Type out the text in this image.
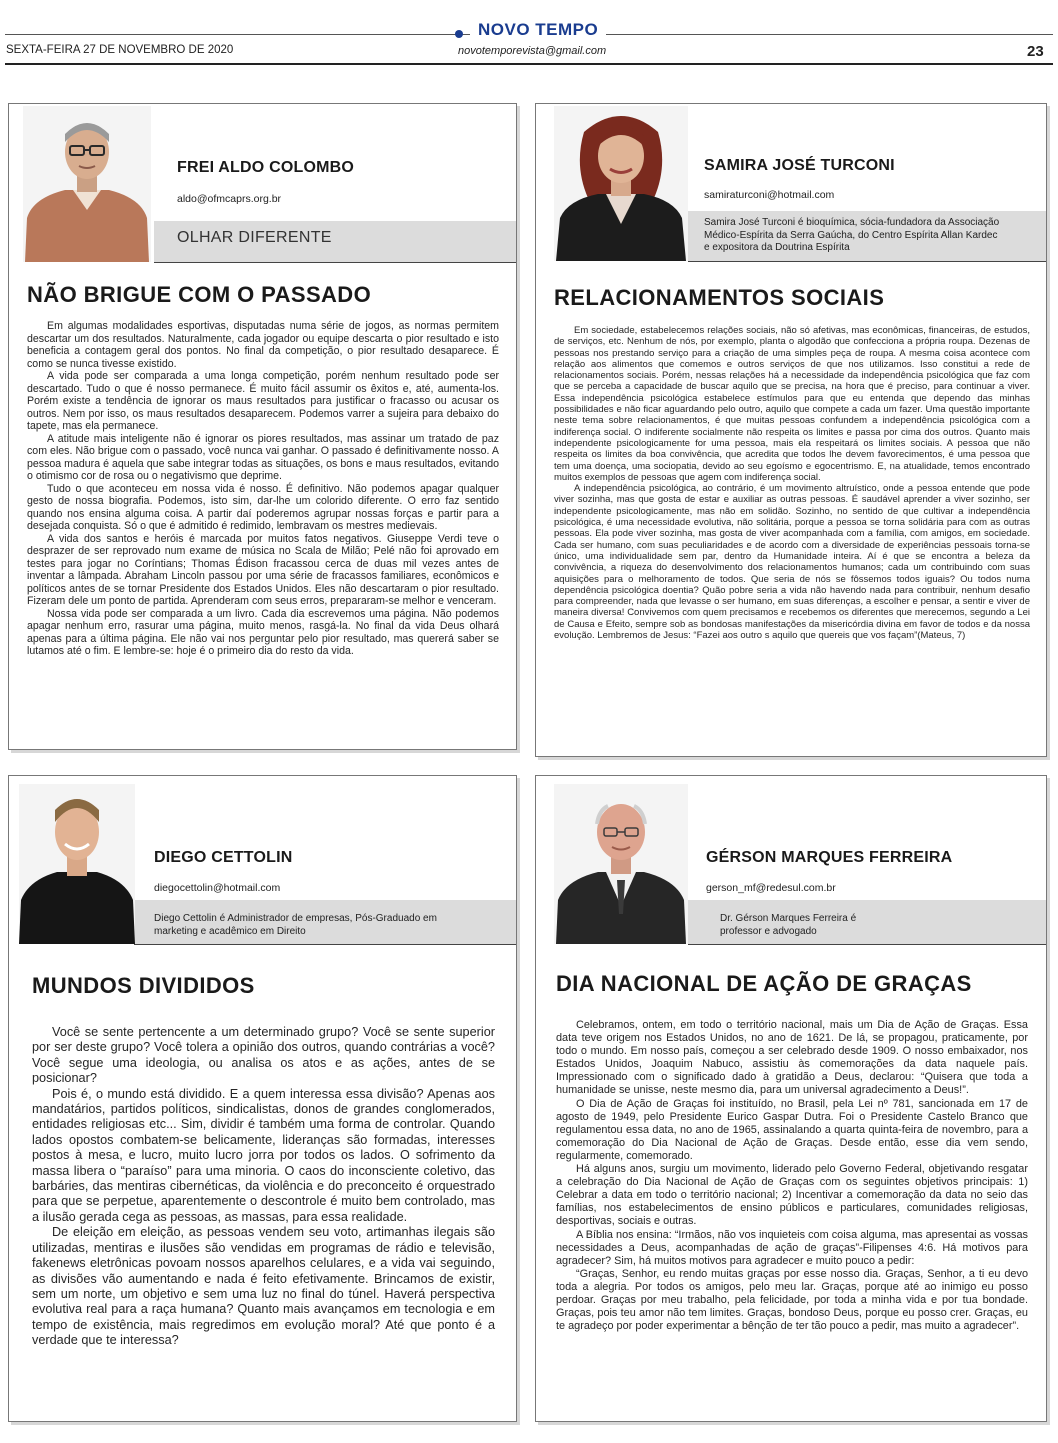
NOVO TEMPO
SEXTA-FEIRA 27 DE NOVEMBRO DE 2020	novotemporevista@gmail.com	23
FREI ALDO COLOMBO
aldo@ofmcaprs.org.br
OLHAR DIFERENTE
NÃO BRIGUE COM O PASSADO

Em algumas modalidades esportivas, disputadas numa série de jogos, as normas permitem descartar um dos resultados. Naturalmente, cada jogador ou equipe descarta o pior resultado e isto beneficia a contagem geral dos pontos. No final da competição, o pior resultado desaparece. É como se nunca tivesse existido.

A vida pode ser comparada a uma longa competição, porém nenhum resultado pode ser descartado. Tudo o que é nosso permanece. É muito fácil assumir os êxitos e, até, aumenta-los. Porém existe a tendência de ignorar os maus resultados para justificar o fracasso ou acusar os outros. Nem por isso, os maus resultados desaparecem. Podemos varrer a sujeira para debaixo do tapete, mas ela permanece.

A atitude mais inteligente não é ignorar os piores resultados, mas assinar um tratado de paz com eles. Não brigue com o passado, você nunca vai ganhar. O passado é definitivamente nosso. A pessoa madura é aquela que sabe integrar todas as situações, os bons e maus resultados, evitando o otimismo cor de rosa ou o negativismo que deprime.

Tudo o que aconteceu em nossa vida é nosso. É definitivo. Não podemos apagar qualquer gesto de nossa biografia. Podemos, isto sim, dar-lhe um colorido diferente. O erro faz sentido quando nos ensina alguma coisa. A partir daí poderemos agrupar nossas forças e partir para a desejada conquista. Só o que é admitido é redimido, lembravam os mestres medievais.

A vida dos santos e heróis é marcada por muitos fatos negativos. Giuseppe Verdi teve o desprazer de ser reprovado num exame de música no Scala de Milão; Pelé não foi aprovado em testes para jogar no Coríntians; Thomas Édison fracassou cerca de duas mil vezes antes de inventar a lâmpada. Abraham Lincoln passou por uma série de fracassos familiares, econômicos e políticos antes de se tornar Presidente dos Estados Unidos. Eles não descartaram o pior resultado. Fizeram dele um ponto de partida. Aprenderam com seus erros, prepararam-se melhor e venceram.

Nossa vida pode ser comparada a um livro. Cada dia escrevemos uma página. Não podemos apagar nenhum erro, rasurar uma página, muito menos, rasgá-la. No final da vida Deus olhará apenas para a última página. Ele não vai nos perguntar pelo pior resultado, mas quererá saber se lutamos até o fim. E lembre-se: hoje é o primeiro dia do resto da vida.

SAMIRA JOSÉ TURCONI
samiraturconi@hotmail.com
Samira José Turconi é bioquímica, sócia-fundadora da Associação Médico-Espírita da Serra Gaúcha, do Centro Espírita Allan Kardec e expositora da Doutrina Espírita
RELACIONAMENTOS SOCIAIS

Em sociedade, estabelecemos relações sociais, não só afetivas, mas econômicas, financeiras, de estudos, de serviços, etc. Nenhum de nós, por exemplo, planta o algodão que confecciona a própria roupa. Dezenas de pessoas nos prestando serviço para a criação de uma simples peça de roupa. A mesma coisa acontece com relação aos alimentos que comemos e outros serviços de que nos utilizamos. Isso constitui a rede de relacionamentos sociais. Porém, nessas relações há a necessidade da independência psicológica que faz com que se perceba a capacidade de buscar aquilo que se precisa, na hora que é preciso, para continuar a viver. Essa independência psicológica estabelece estímulos para que eu entenda que dependo das minhas possibilidades e não ficar aguardando pelo outro, aquilo que compete a cada um fazer. Uma questão importante neste tema sobre relacionamentos, é que muitas pessoas confundem a independência psicológica com a indiferença social. O indiferente socialmente não respeita os limites e passa por cima dos outros. Quanto mais independente psicologicamente for uma pessoa, mais ela respeitará os limites sociais. A pessoa que não respeita os limites da boa convivência, que acredita que todos lhe devem favorecimentos, é uma pessoa que tem uma doença, uma sociopatia, devido ao seu egoísmo e egocentrismo. E, na atualidade, temos encontrado muitos exemplos de pessoas que agem com indiferença social.

A independência psicológica, ao contrário, é um movimento altruístico, onde a pessoa entende que pode viver sozinha, mas que gosta de estar e auxiliar as outras pessoas. É saudável aprender a viver sozinho, ser independente psicologicamente, mas não em solidão. Sozinho, no sentido de que cultivar a independência psicológica, é uma necessidade evolutiva, não solitária, porque a pessoa se torna solidária para com as outras pessoas. Ela pode viver sozinha, mas gosta de viver acompanhada com a família, com amigos, em sociedade. Cada ser humano, com suas peculiaridades e de acordo com a diversidade de experiências pessoais torna-se único, uma individualidade sem par, dentro da Humanidade inteira. Aí é que se encontra a beleza da convivência, a riqueza do desenvolvimento dos relacionamentos humanos; cada um contribuindo com suas aquisições para o melhoramento de todos. Que seria de nós se fôssemos todos iguais? Ou todos numa dependência psicológica doentia? Quão pobre seria a vida não havendo nada para contribuir, nenhum desafio para compreender, nada que levasse o ser humano, em suas diferenças, a escolher e pensar, a sentir e viver de maneira diversa! Convivemos com quem precisamos e recebemos os diferentes que merecemos, segundo a Lei de Causa e Efeito, sempre sob as bondosas manifestações da misericórdia divina em favor de todos e da nossa evolução. Lembremos de Jesus: “Fazei aos outro s aquilo que quereis que vos façam”(Mateus, 7)

DIEGO CETTOLIN
diegocettolin@hotmail.com
Diego Cettolin é Administrador de empresas, Pós-Graduado em marketing e acadêmico em Direito
MUNDOS DIVIDIDOS

Você se sente pertencente a um determinado grupo? Você se sente superior por ser deste grupo? Você tolera a opinião dos outros, quando contrárias a você? Você segue uma ideologia, ou analisa os atos e as ações, antes de se posicionar?

Pois é, o mundo está dividido. E a quem interessa essa divisão? Apenas aos mandatários, partidos políticos, sindicalistas, donos de grandes conglomerados, entidades religiosas etc... Sim, dividir é também uma forma de controlar. Quando lados opostos combatem-se belicamente, lideranças são formadas, interesses postos à mesa, e lucro, muito lucro jorra por todos os lados. O sofrimento da massa libera o “paraíso” para uma minoria. O caos do inconsciente coletivo, das barbáries, das mentiras cibernéticas, da violência e do preconceito é orquestrado para que se perpetue, aparentemente o descontrole é muito bem controlado, mas a ilusão gerada cega as pessoas, as massas, para essa realidade.

De eleição em eleição, as pessoas vendem seu voto, artimanhas ilegais são utilizadas, mentiras e ilusões são vendidas em programas de rádio e televisão, fakenews eletrônicas povoam nossos aparelhos celulares, e a vida vai seguindo, as divisões vão aumentando e nada é feito efetivamente. Brincamos de existir, sem um norte, um objetivo e sem uma luz no final do túnel. Haverá perspectiva evolutiva real para a raça humana? Quanto mais avançamos em tecnologia e em tempo de existência, mais regredimos em evolução moral? Até que ponto é a verdade que te interessa?

GÉRSON MARQUES FERREIRA
gerson_mf@redesul.com.br
Dr. Gérson Marques Ferreira é professor e advogado
DIA NACIONAL DE AÇÃO DE GRAÇAS

Celebramos, ontem, em todo o território nacional, mais um Dia de Ação de Graças. Essa data teve origem nos Estados Unidos, no ano de 1621. De lá, se propagou, praticamente, por todo o mundo. Em nosso país, começou a ser celebrado desde 1909. O nosso embaixador, nos Estados Unidos, Joaquim Nabuco, assistiu às comemorações da data naquele país. Impressionado com o significado dado à gratidão a Deus, declarou: “Quisera que toda a humanidade se unisse, neste mesmo dia, para um universal agradecimento a Deus!”.

O Dia de Ação de Graças foi instituído, no Brasil, pela Lei nº 781, sancionada em 17 de agosto de 1949, pelo Presidente Eurico Gaspar Dutra. Foi o Presidente Castelo Branco que regulamentou essa data, no ano de 1965, assinalando a quarta quinta-feira de novembro, para a comemoração do Dia Nacional de Ação de Graças. Desde então, esse dia vem sendo, regularmente, comemorado.

Há alguns anos, surgiu um movimento, liderado pelo Governo Federal, objetivando resgatar a celebração do Dia Nacional de Ação de Graças com os seguintes objetivos principais: 1) Celebrar a data em todo o território nacional; 2) Incentivar a comemoração da data no seio das famílias, nos estabelecimentos de ensino públicos e particulares, comunidades religiosas, desportivas, sociais e outras.

A Bíblia nos ensina: “Irmãos, não vos inquieteis com coisa alguma, mas apresentai as vossas necessidades a Deus, acompanhadas de ação de graças”-Filipenses 4:6. Há motivos para agradecer? Sim, há muitos motivos para agradecer e muito pouco a pedir:

“Graças, Senhor, eu rendo muitas graças por esse nosso dia. Graças, Senhor, a ti eu devo toda a alegria. Por todos os amigos, pelo meu lar. Graças, porque até ao inimigo eu posso perdoar. Graças por meu trabalho, pela felicidade, por toda a minha vida e por tua bondade. Graças, pois teu amor não tem limites. Graças, bondoso Deus, porque eu posso crer. Graças, eu te agradeço por poder experimentar a bênção de ter tão pouco a pedir, mas muito a agradecer”.
